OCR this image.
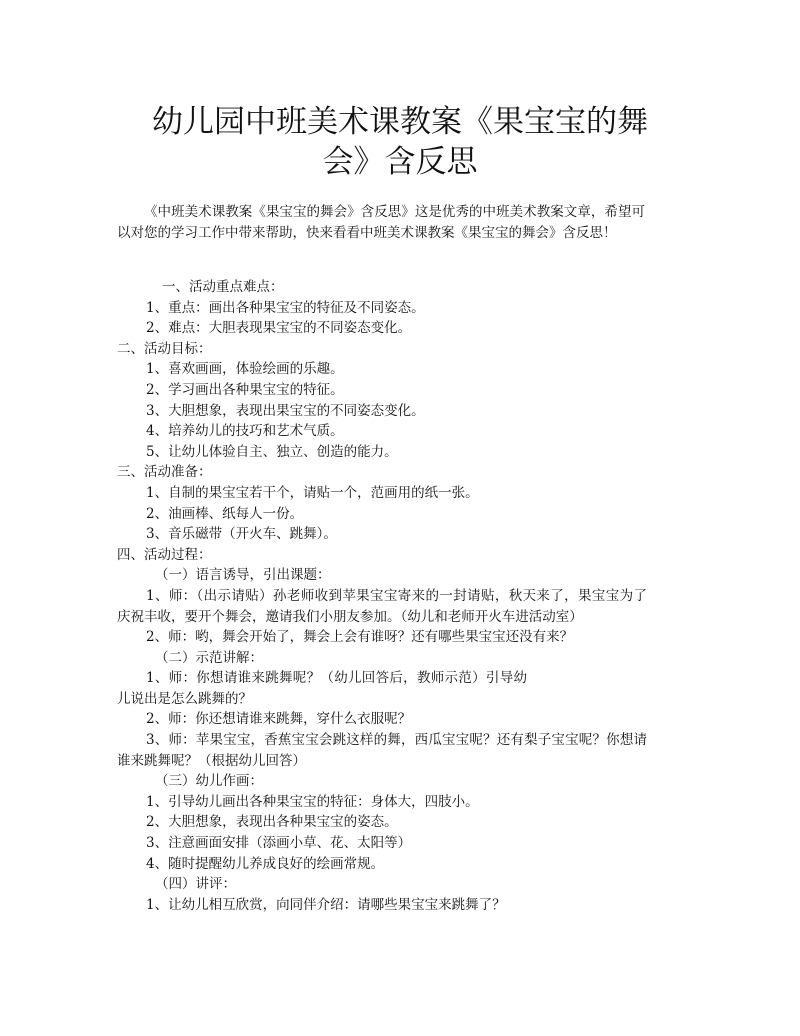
幼儿园中班美术课教案《果宝宝的舞
会》含反思

《中班美术课教案《果宝宝的舞会》含反思》这是优秀的中班美术教案文章，希望可以对您的学习工作中带来帮助，快来看看中班美术课教案《果宝宝的舞会》含反思！

一、活动重点难点：

1、重点：画出各种果宝宝的特征及不同姿态。

2、难点：大胆表现果宝宝的不同姿态变化。

二、活动目标：

1、喜欢画画，体验绘画的乐趣。

2、学习画出各种果宝宝的特征。

3、大胆想象，表现出果宝宝的不同姿态变化。

4、培养幼儿的技巧和艺术气质。

5、让幼儿体验自主、独立、创造的能力。

三、活动准备：

1、自制的果宝宝若干个，请贴一个，范画用的纸一张。

2、油画棒、纸每人一份。

3、音乐磁带（开火车、跳舞）。

四、活动过程：

（一）语言诱导，引出课题：

1、师：（出示请贴）孙老师收到苹果宝宝寄来的一封请贴，秋天来了，果宝宝为了庆祝丰收，要开个舞会，邀请我们小朋友参加。（幼儿和老师开火车进活动室）

2、师：哟，舞会开始了，舞会上会有谁呀？还有哪些果宝宝还没有来？

（二）示范讲解：

1、师：你想请谁来跳舞呢？（幼儿回答后，教师示范）引导幼儿说出是怎么跳舞的？

2、师：你还想请谁来跳舞，穿什么衣服呢？

3、师：苹果宝宝，香蕉宝宝会跳这样的舞，西瓜宝宝呢？还有梨子宝宝呢？你想请谁来跳舞呢？（根据幼儿回答）

（三）幼儿作画：

1、引导幼儿画出各种果宝宝的特征：身体大，四肢小。

2、大胆想象，表现出各种果宝宝的姿态。

3、注意画面安排（添画小草、花、太阳等）

4、随时提醒幼儿养成良好的绘画常规。

（四）讲评：

1、让幼儿相互欣赏，向同伴介绍：请哪些果宝宝来跳舞了？
